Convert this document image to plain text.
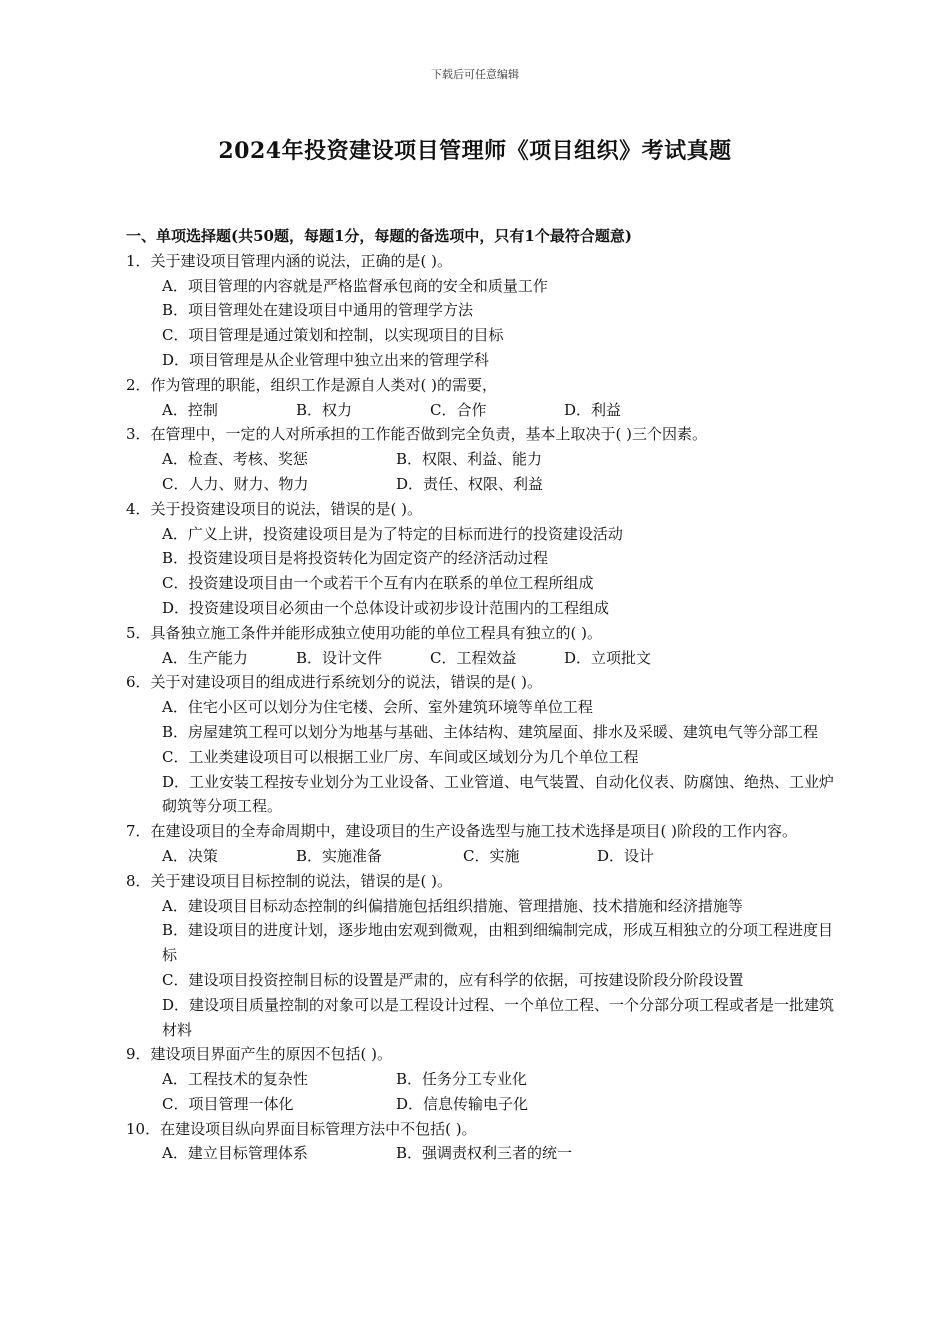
下载后可任意编辑
2024年投资建设项目管理师《项目组织》考试真题
一、单项选择题(共50题，每题1分，每题的备选项中，只有1个最符合题意)
1．关于建设项目管理内涵的说法，正确的是( )。
A．项目管理的内容就是严格监督承包商的安全和质量工作
B．项目管理处在建设项目中通用的管理学方法
C．项目管理是通过策划和控制，以实现项目的目标
D．项目管理是从企业管理中独立出来的管理学科
2．作为管理的职能，组织工作是源自人类对( )的需要，
A．控制	B．权力	C．合作	D．利益
3．在管理中，一定的人对所承担的工作能否做到完全负责，基本上取决于( )三个因素。
A．检查、考核、奖惩	B．权限、利益、能力
C．人力、财力、物力	D．责任、权限、利益
4．关于投资建设项目的说法，错误的是( )。
A．广义上讲，投资建设项目是为了特定的目标而进行的投资建设活动
B．投资建设项目是将投资转化为固定资产的经济活动过程
C．投资建设项目由一个或若干个互有内在联系的单位工程所组成
D．投资建设项目必须由一个总体设计或初步设计范围内的工程组成
5．具备独立施工条件并能形成独立使用功能的单位工程具有独立的( )。
A．生产能力	B．设计文件	C．工程效益	D．立项批文
6．关于对建设项目的组成进行系统划分的说法，错误的是( )。
A．住宅小区可以划分为住宅楼、会所、室外建筑环境等单位工程
B．房屋建筑工程可以划分为地基与基础、主体结构、建筑屋面、排水及采暖、建筑电气等分部工程
C．工业类建设项目可以根据工业厂房、车间或区域划分为几个单位工程
D．工业安装工程按专业划分为工业设备、工业管道、电气装置、自动化仪表、防腐蚀、绝热、工业炉砌筑等分项工程。
7．在建设项目的全寿命周期中，建设项目的生产设备选型与施工技术选择是项目( )阶段的工作内容。
A．决策	B．实施准备	C．实施	D．设计
8．关于建设项目目标控制的说法，错误的是( )。
A．建设项目目标动态控制的纠偏措施包括组织措施、管理措施、技术措施和经济措施等
B．建设项目的进度计划，逐步地由宏观到微观，由粗到细编制完成，形成互相独立的分项工程进度目标
C．建设项目投资控制目标的设置是严肃的，应有科学的依据，可按建设阶段分阶段设置
D．建设项目质量控制的对象可以是工程设计过程、一个单位工程、一个分部分项工程或者是一批建筑材料
9．建设项目界面产生的原因不包括( )。
A．工程技术的复杂性	B．任务分工专业化
C．项目管理一体化	D．信息传输电子化
10．在建设项目纵向界面目标管理方法中不包括( )。
A．建立目标管理体系	B．强调责权利三者的统一
